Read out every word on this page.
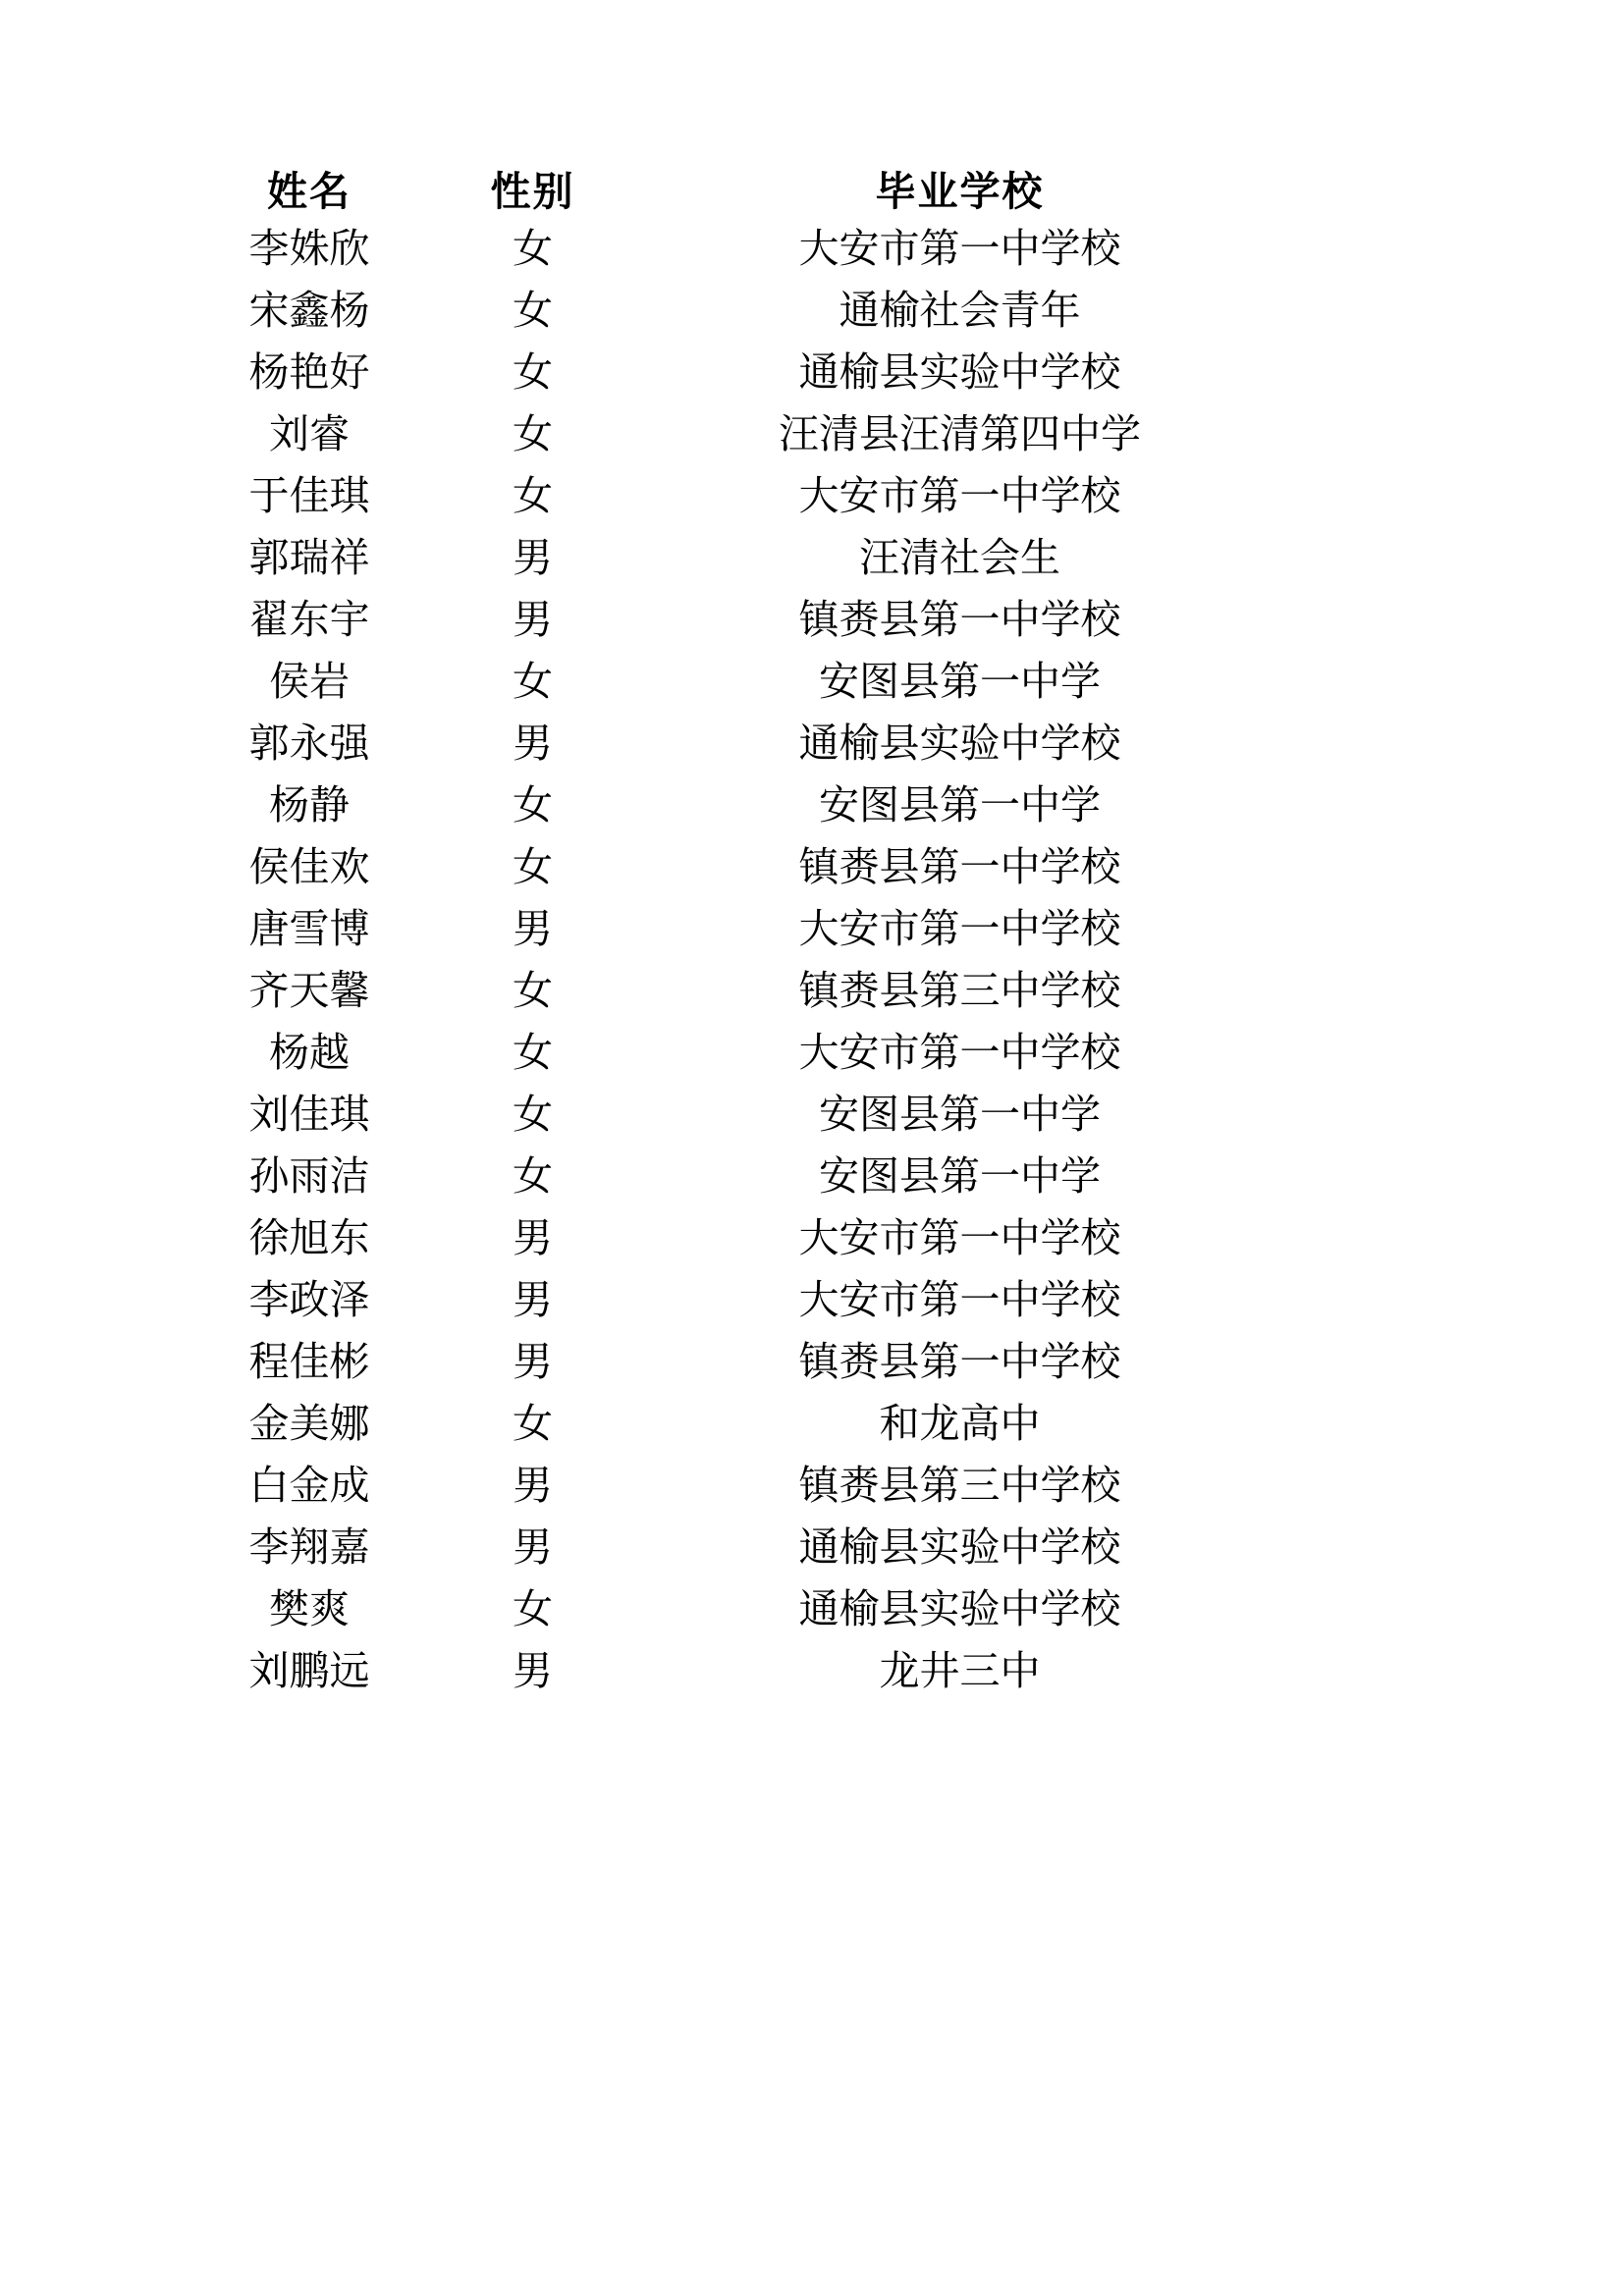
姓名	性别	毕业学校
李姝欣	女	大安市第一中学校
宋鑫杨	女	通榆社会青年
杨艳好	女	通榆县实验中学校
刘睿	女	汪清县汪清第四中学
于佳琪	女	大安市第一中学校
郭瑞祥	男	汪清社会生
翟东宇	男	镇赉县第一中学校
侯岩	女	安图县第一中学
郭永强	男	通榆县实验中学校
杨静	女	安图县第一中学
侯佳欢	女	镇赉县第一中学校
唐雪博	男	大安市第一中学校
齐天馨	女	镇赉县第三中学校
杨越	女	大安市第一中学校
刘佳琪	女	安图县第一中学
孙雨洁	女	安图县第一中学
徐旭东	男	大安市第一中学校
李政泽	男	大安市第一中学校
程佳彬	男	镇赉县第一中学校
金美娜	女	和龙高中
白金成	男	镇赉县第三中学校
李翔嘉	男	通榆县实验中学校
樊爽	女	通榆县实验中学校
刘鹏远	男	龙井三中
